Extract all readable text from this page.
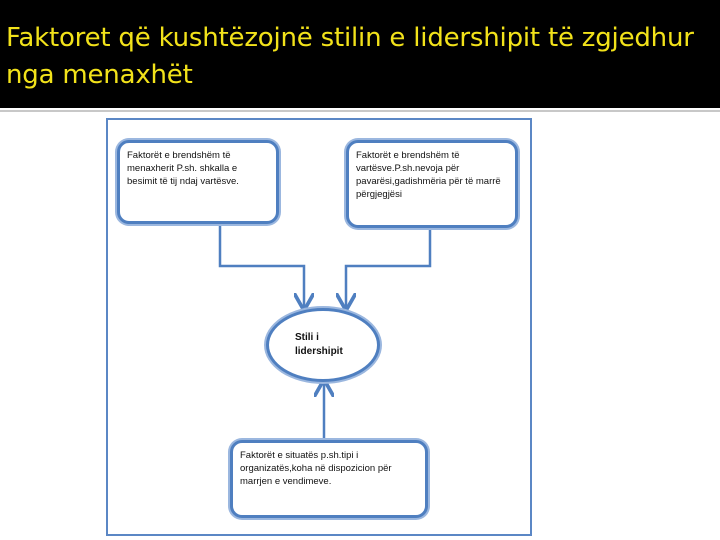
Faktoret që kushtëzojnë stilin e lidershipit të zgjedhur nga menaxhët
Faktorët e brendshëm të menaxherit P.sh. shkalla e besimit të tij ndaj vartësve.
Faktorët e brendshëm të vartësve.P.sh.nevoja për pavarësi,gadishmëria për të marrë përgjegjësi
Stili i lidershipit
Faktorët e situatës p.sh.tipi i organizatës,koha në dispozicion për marrjen e vendimeve.
